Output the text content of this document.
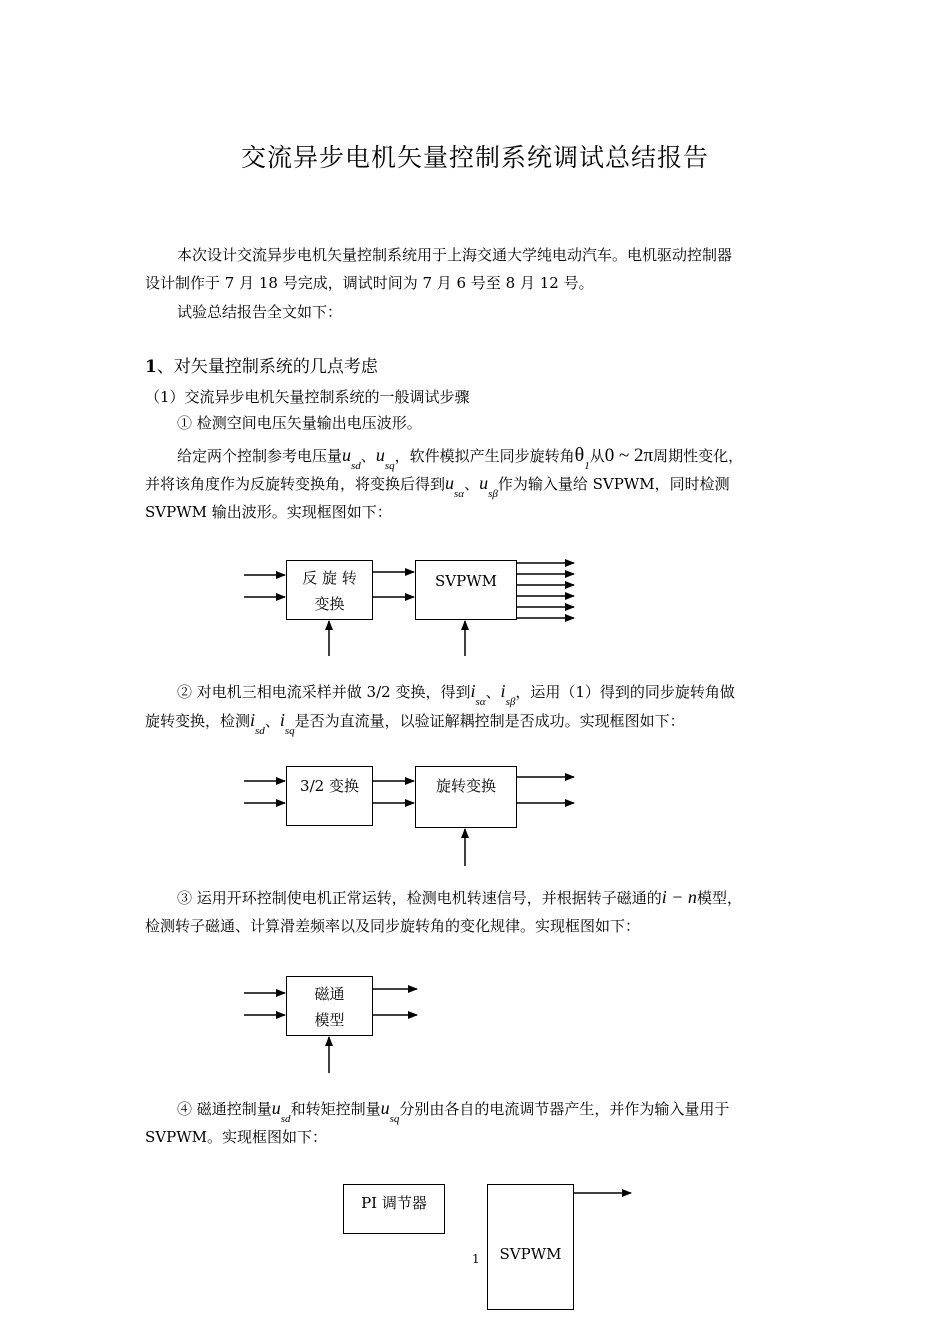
交流异步电机矢量控制系统调试总结报告
本次设计交流异步电机矢量控制系统用于上海交通大学纯电动汽车。电机驱动控制器
设计制作于 7 月 18 号完成，调试时间为 7 月 6 号至 8 月 12 号。
试验总结报告全文如下：
1、对矢量控制系统的几点考虑
（1）交流异步电机矢量控制系统的一般调试步骤
① 检测空间电压矢量输出电压波形。
给定两个控制参考电压量$u_{sd}$、$u_{sq}$，软件模拟产生同步旋转角$\theta_1$从0 ~ 2π周期性变化，
并将该角度作为反旋转变换角，将变换后得到$u_{s\alpha}$、$u_{s\beta}$作为输入量给 SVPWM，同时检测
SVPWM 输出波形。实现框图如下：
反 旋 转
变换
SVPWM
② 对电机三相电流采样并做 3/2 变换，得到$i_{s\alpha}$、$i_{s\beta}$，运用（1）得到的同步旋转角做
旋转变换，检测$i_{sd}$、$i_{sq}$是否为直流量，以验证解耦控制是否成功。实现框图如下：
3/2 变换	旋转变换
③ 运用开环控制使电机正常运转，检测电机转速信号，并根据转子磁通的i − n模型，
检测转子磁通、计算滑差频率以及同步旋转角的变化规律。实现框图如下：
磁通
模型
④ 磁通控制量$u_{sd}$和转矩控制量$u_{sq}$分别由各自的电流调节器产生，并作为输入量用于
SVPWM。实现框图如下：
PI 调节器
SVPWM
1
